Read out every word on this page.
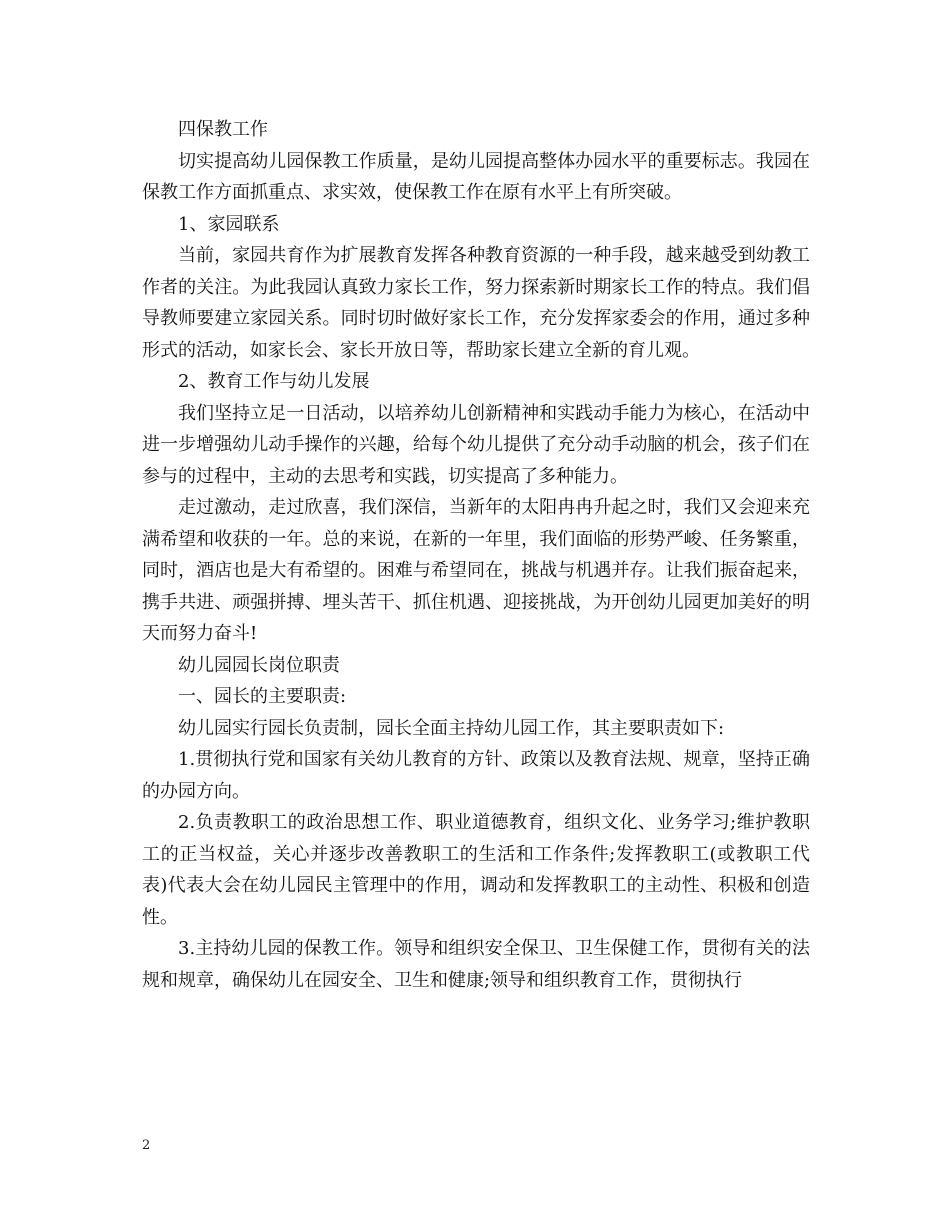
四保教工作

切实提高幼儿园保教工作质量，是幼儿园提高整体办园水平的重要标志。我园在保教工作方面抓重点、求实效，使保教工作在原有水平上有所突破。

1、家园联系

当前，家园共育作为扩展教育发挥各种教育资源的一种手段，越来越受到幼教工作者的关注。为此我园认真致力家长工作，努力探索新时期家长工作的特点。我们倡导教师要建立家园关系。同时切时做好家长工作，充分发挥家委会的作用，通过多种形式的活动，如家长会、家长开放日等，帮助家长建立全新的育儿观。

2、教育工作与幼儿发展

我们坚持立足一日活动，以培养幼儿创新精神和实践动手能力为核心，在活动中进一步增强幼儿动手操作的兴趣，给每个幼儿提供了充分动手动脑的机会，孩子们在参与的过程中，主动的去思考和实践，切实提高了多种能力。

走过激动，走过欣喜，我们深信，当新年的太阳冉冉升起之时，我们又会迎来充满希望和收获的一年。总的来说，在新的一年里，我们面临的形势严峻、任务繁重，同时，酒店也是大有希望的。困难与希望同在，挑战与机遇并存。让我们振奋起来，携手共进、顽强拼搏、埋头苦干、抓住机遇、迎接挑战，为开创幼儿园更加美好的明天而努力奋斗!

幼儿园园长岗位职责

一、园长的主要职责:

幼儿园实行园长负责制，园长全面主持幼儿园工作，其主要职责如下:

1.贯彻执行党和国家有关幼儿教育的方针、政策以及教育法规、规章，坚持正确的办园方向。

2.负责教职工的政治思想工作、职业道德教育，组织文化、业务学习;维护教职工的正当权益，关心并逐步改善教职工的生活和工作条件;发挥教职工(或教职工代表)代表大会在幼儿园民主管理中的作用，调动和发挥教职工的主动性、积极和创造性。

3.主持幼儿园的保教工作。领导和组织安全保卫、卫生保健工作，贯彻有关的法规和规章，确保幼儿在园安全、卫生和健康;领导和组织教育工作，贯彻执行

2
